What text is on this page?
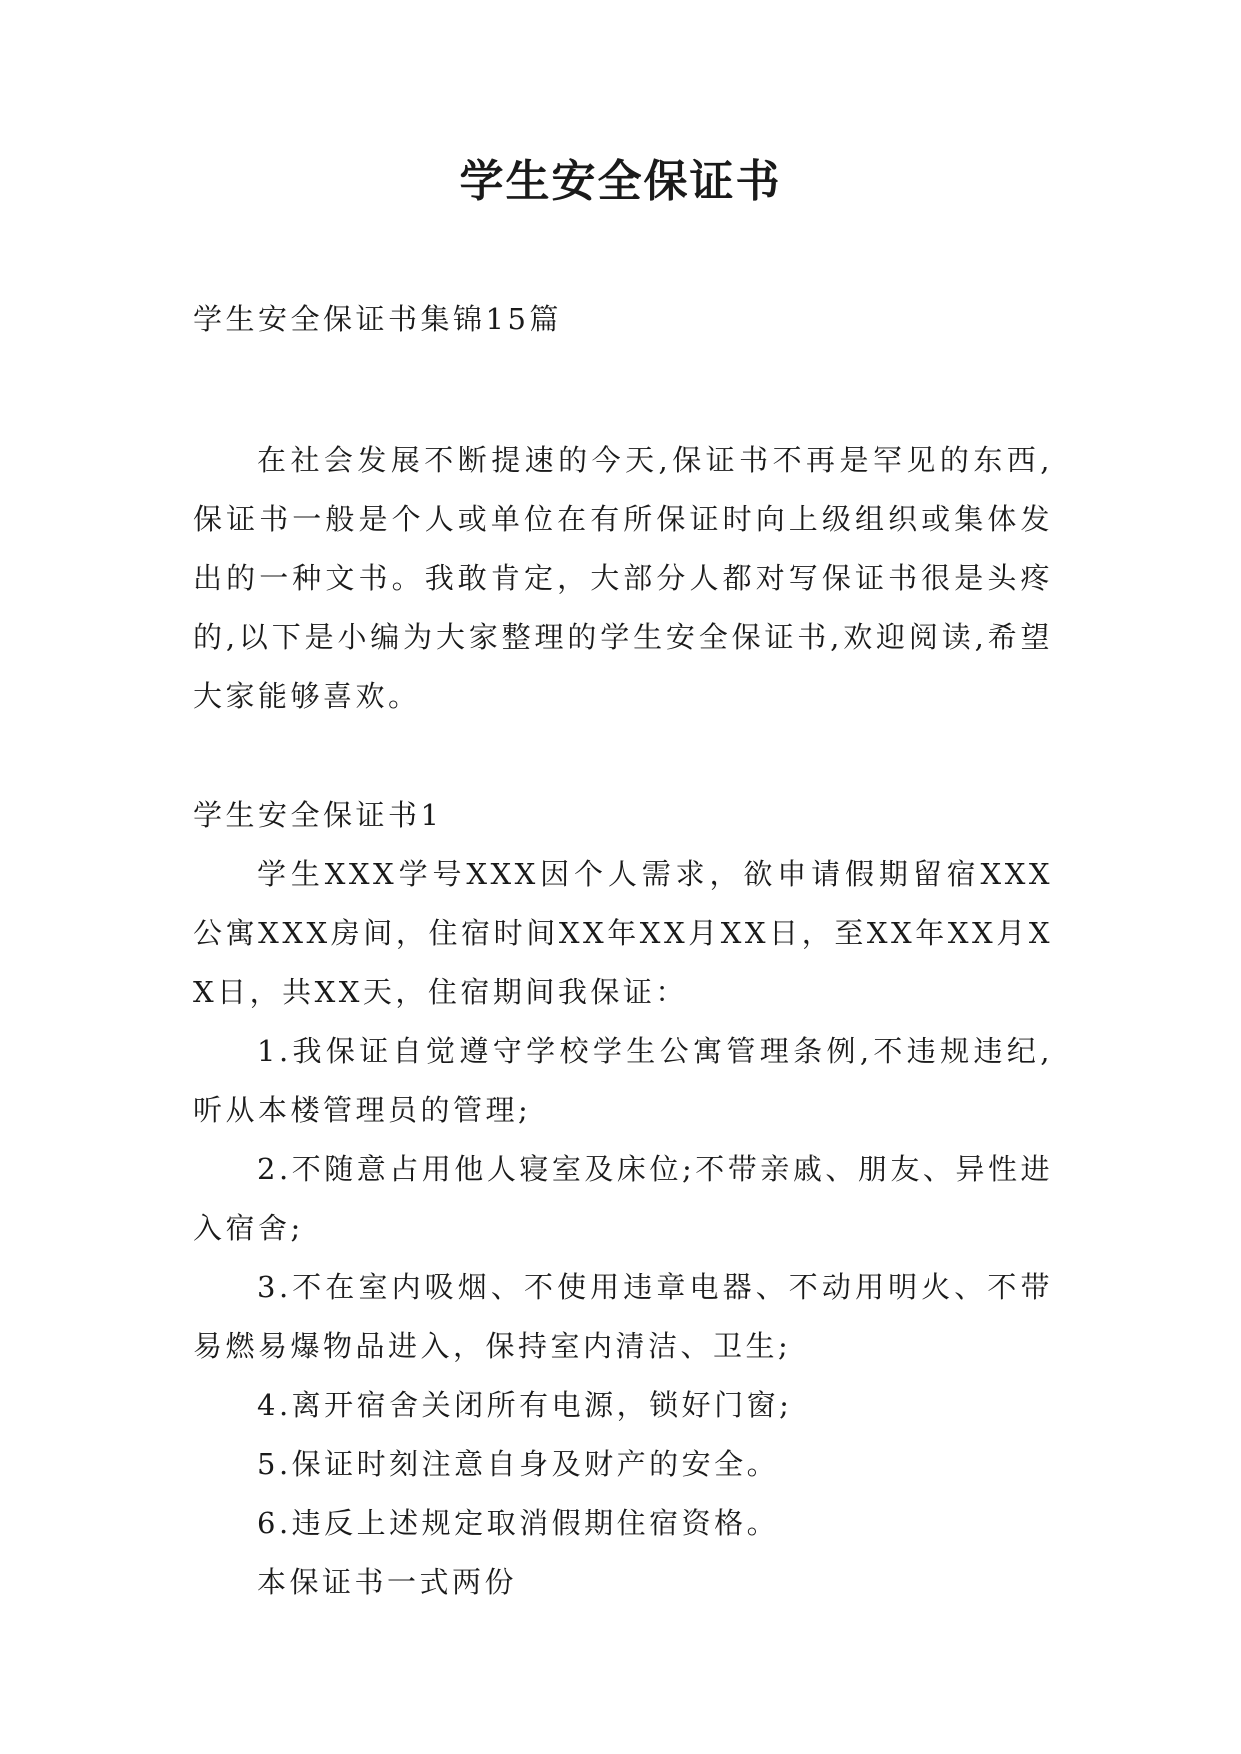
学生安全保证书

学生安全保证书集锦15篇

在社会发展不断提速的今天,保证书不再是罕见的东西,保证书一般是个人或单位在有所保证时向上级组织或集体发出的一种文书。我敢肯定，大部分人都对写保证书很是头疼的,以下是小编为大家整理的学生安全保证书,欢迎阅读,希望大家能够喜欢。

学生安全保证书1

学生XXX学号XXX因个人需求，欲申请假期留宿XXX公寓XXX房间，住宿时间XX年XX月XX日，至XX年XX月XX日，共XX天，住宿期间我保证：

1.我保证自觉遵守学校学生公寓管理条例,不违规违纪,听从本楼管理员的管理;

2.不随意占用他人寝室及床位;不带亲戚、朋友、异性进入宿舍;

3.不在室内吸烟、不使用违章电器、不动用明火、不带易燃易爆物品进入，保持室内清洁、卫生;

4.离开宿舍关闭所有电源，锁好门窗;

5.保证时刻注意自身及财产的安全。

6.违反上述规定取消假期住宿资格。

本保证书一式两份
